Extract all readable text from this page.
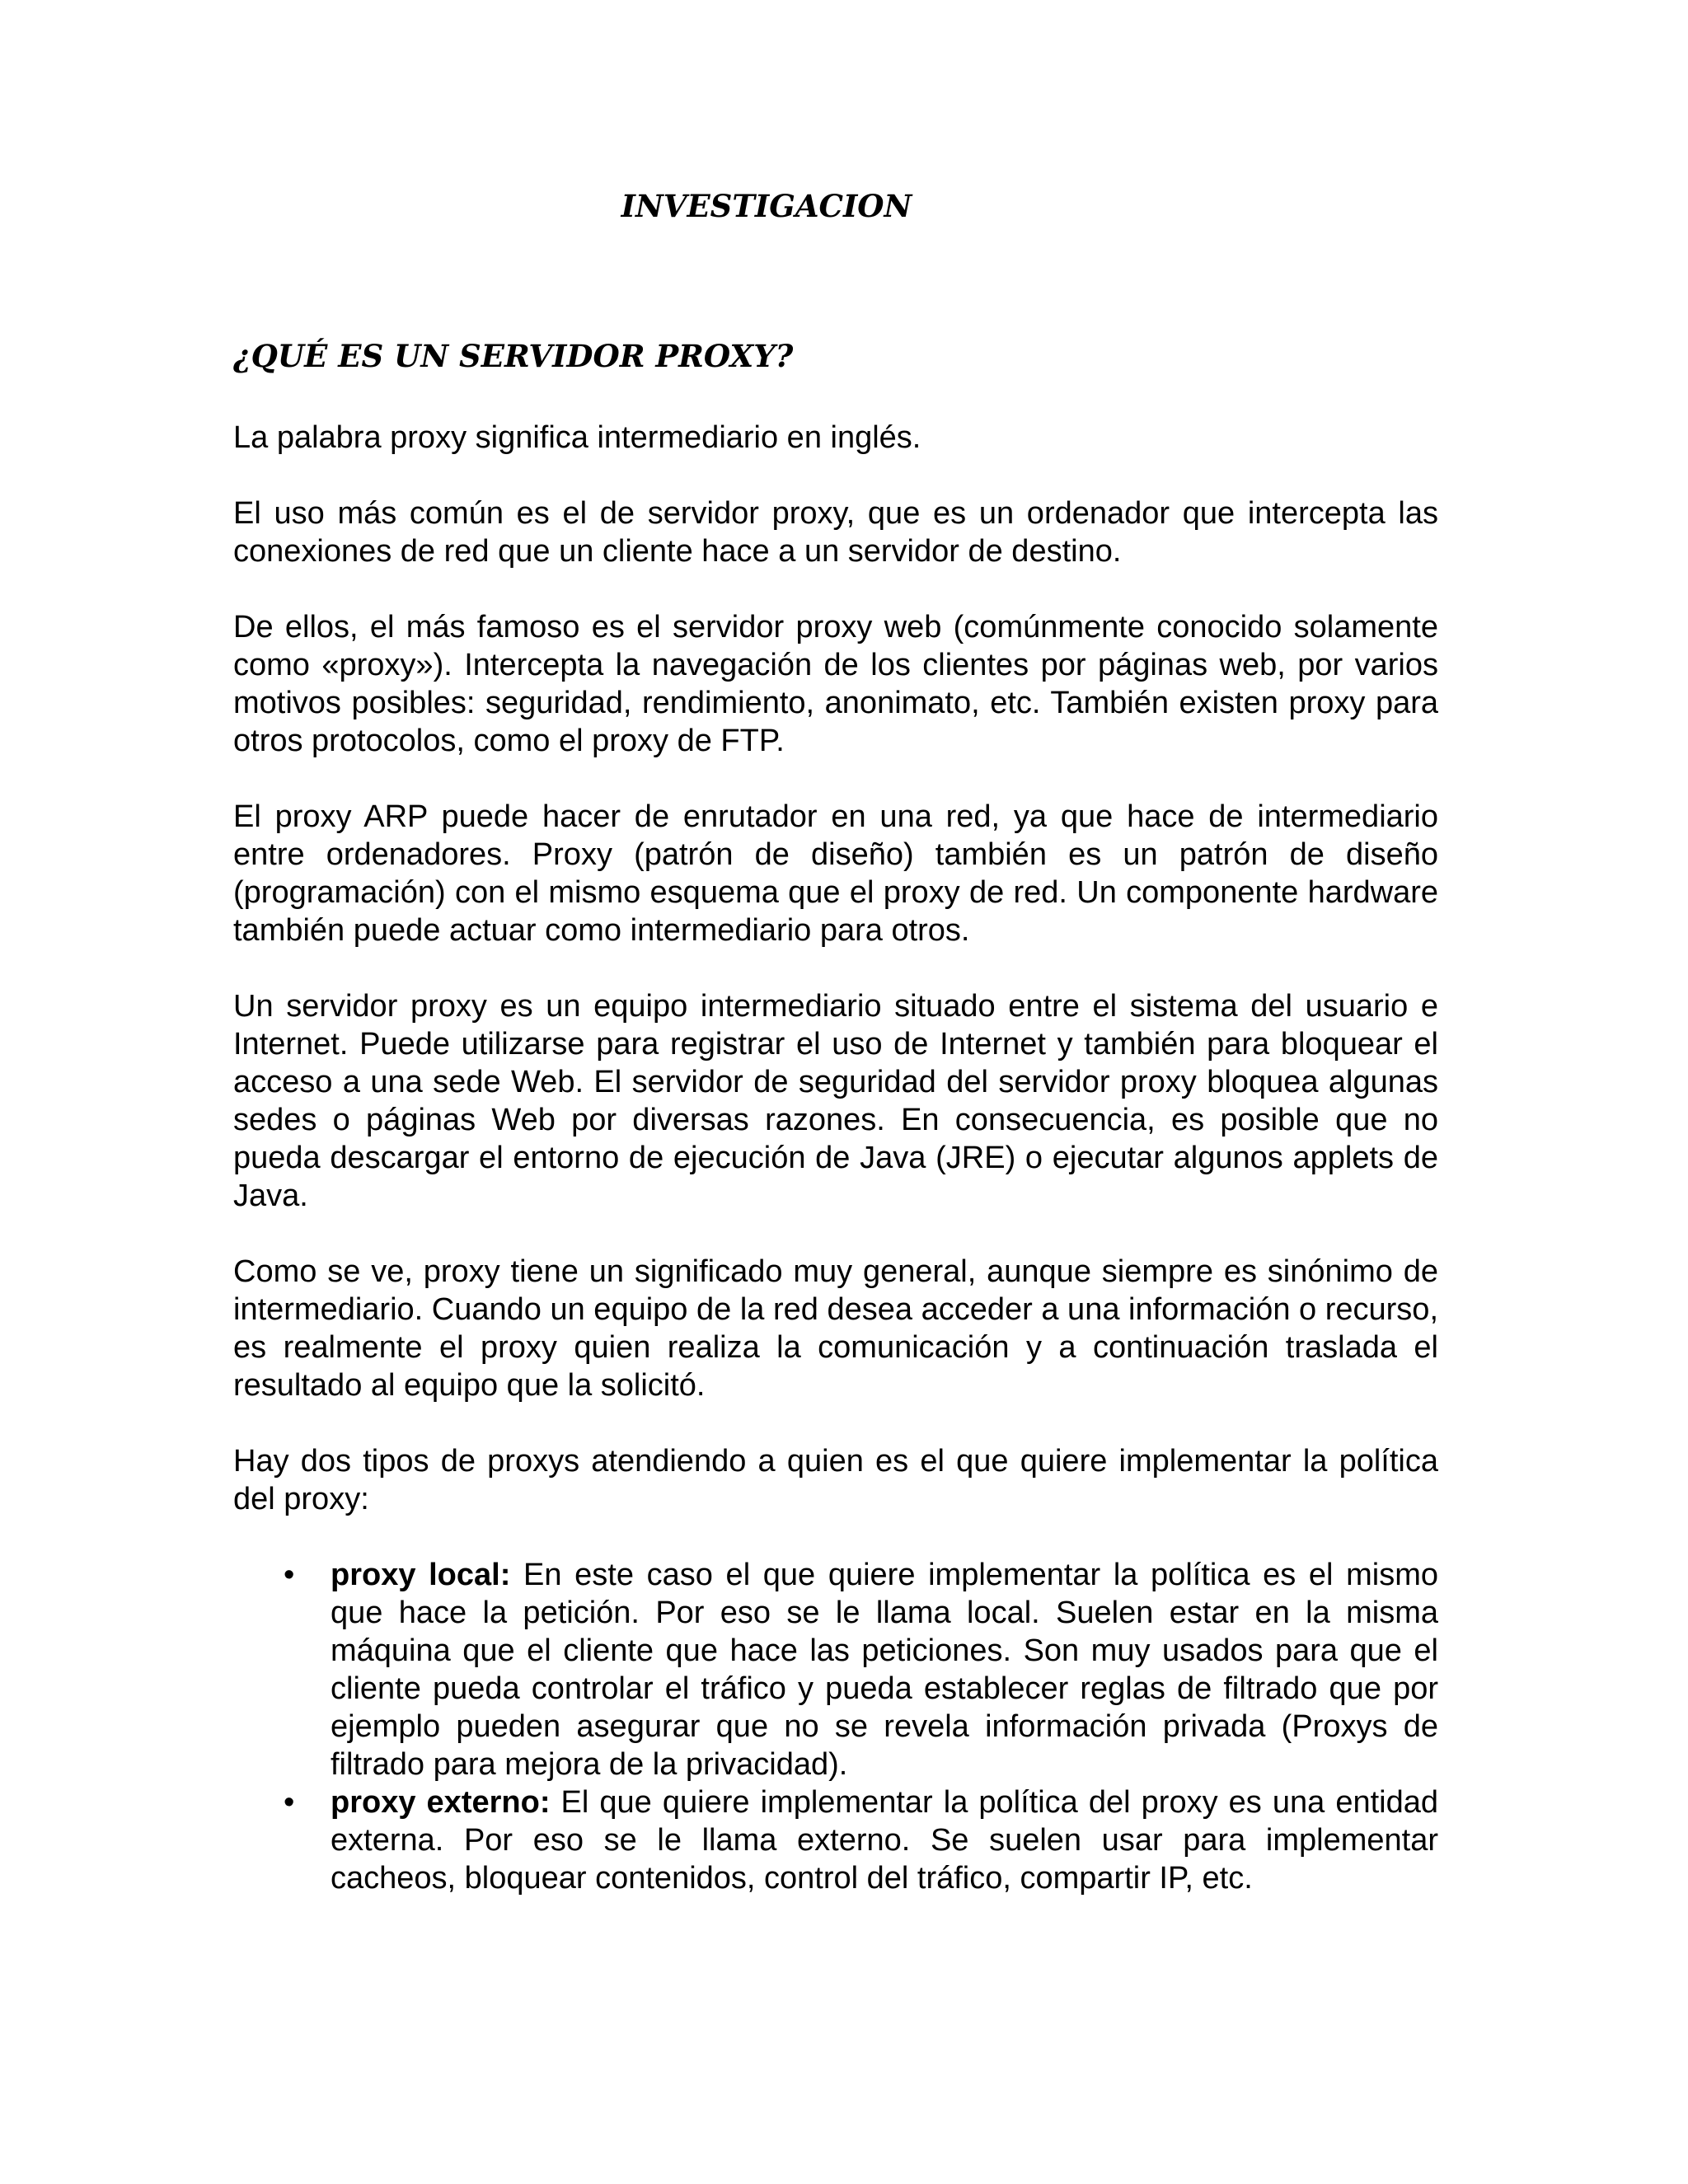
INVESTIGACION
¿QUÉ ES UN SERVIDOR PROXY?

La palabra proxy significa intermediario en inglés.

El uso más común es el de servidor proxy, que es un ordenador que intercepta las conexiones de red que un cliente hace a un servidor de destino.

De ellos, el más famoso es el servidor proxy web (comúnmente conocido solamente como «proxy»). Intercepta la navegación de los clientes por páginas web, por varios motivos posibles: seguridad, rendimiento, anonimato, etc. También existen proxy para otros protocolos, como el proxy de FTP.

El proxy ARP puede hacer de enrutador en una red, ya que hace de intermediario entre ordenadores. Proxy (patrón de diseño) también es un patrón de diseño (programación) con el mismo esquema que el proxy de red. Un componente hardware también puede actuar como intermediario para otros.

Un servidor proxy es un equipo intermediario situado entre el sistema del usuario e Internet. Puede utilizarse para registrar el uso de Internet y también para bloquear el acceso a una sede Web. El servidor de seguridad del servidor proxy bloquea algunas sedes o páginas Web por diversas razones. En consecuencia, es posible que no pueda descargar el entorno de ejecución de Java (JRE) o ejecutar algunos applets de Java.

Como se ve, proxy tiene un significado muy general, aunque siempre es sinónimo de intermediario. Cuando un equipo de la red desea acceder a una información o recurso, es realmente el proxy quien realiza la comunicación y a continuación traslada el resultado al equipo que la solicitó.

Hay dos tipos de proxys atendiendo a quien es el que quiere implementar la política del proxy:

• proxy local: En este caso el que quiere implementar la política es el mismo que hace la petición. Por eso se le llama local. Suelen estar en la misma máquina que el cliente que hace las peticiones. Son muy usados para que el cliente pueda controlar el tráfico y pueda establecer reglas de filtrado que por ejemplo pueden asegurar que no se revela información privada (Proxys de filtrado para mejora de la privacidad).
• proxy externo: El que quiere implementar la política del proxy es una entidad externa. Por eso se le llama externo. Se suelen usar para implementar cacheos, bloquear contenidos, control del tráfico, compartir IP, etc.
